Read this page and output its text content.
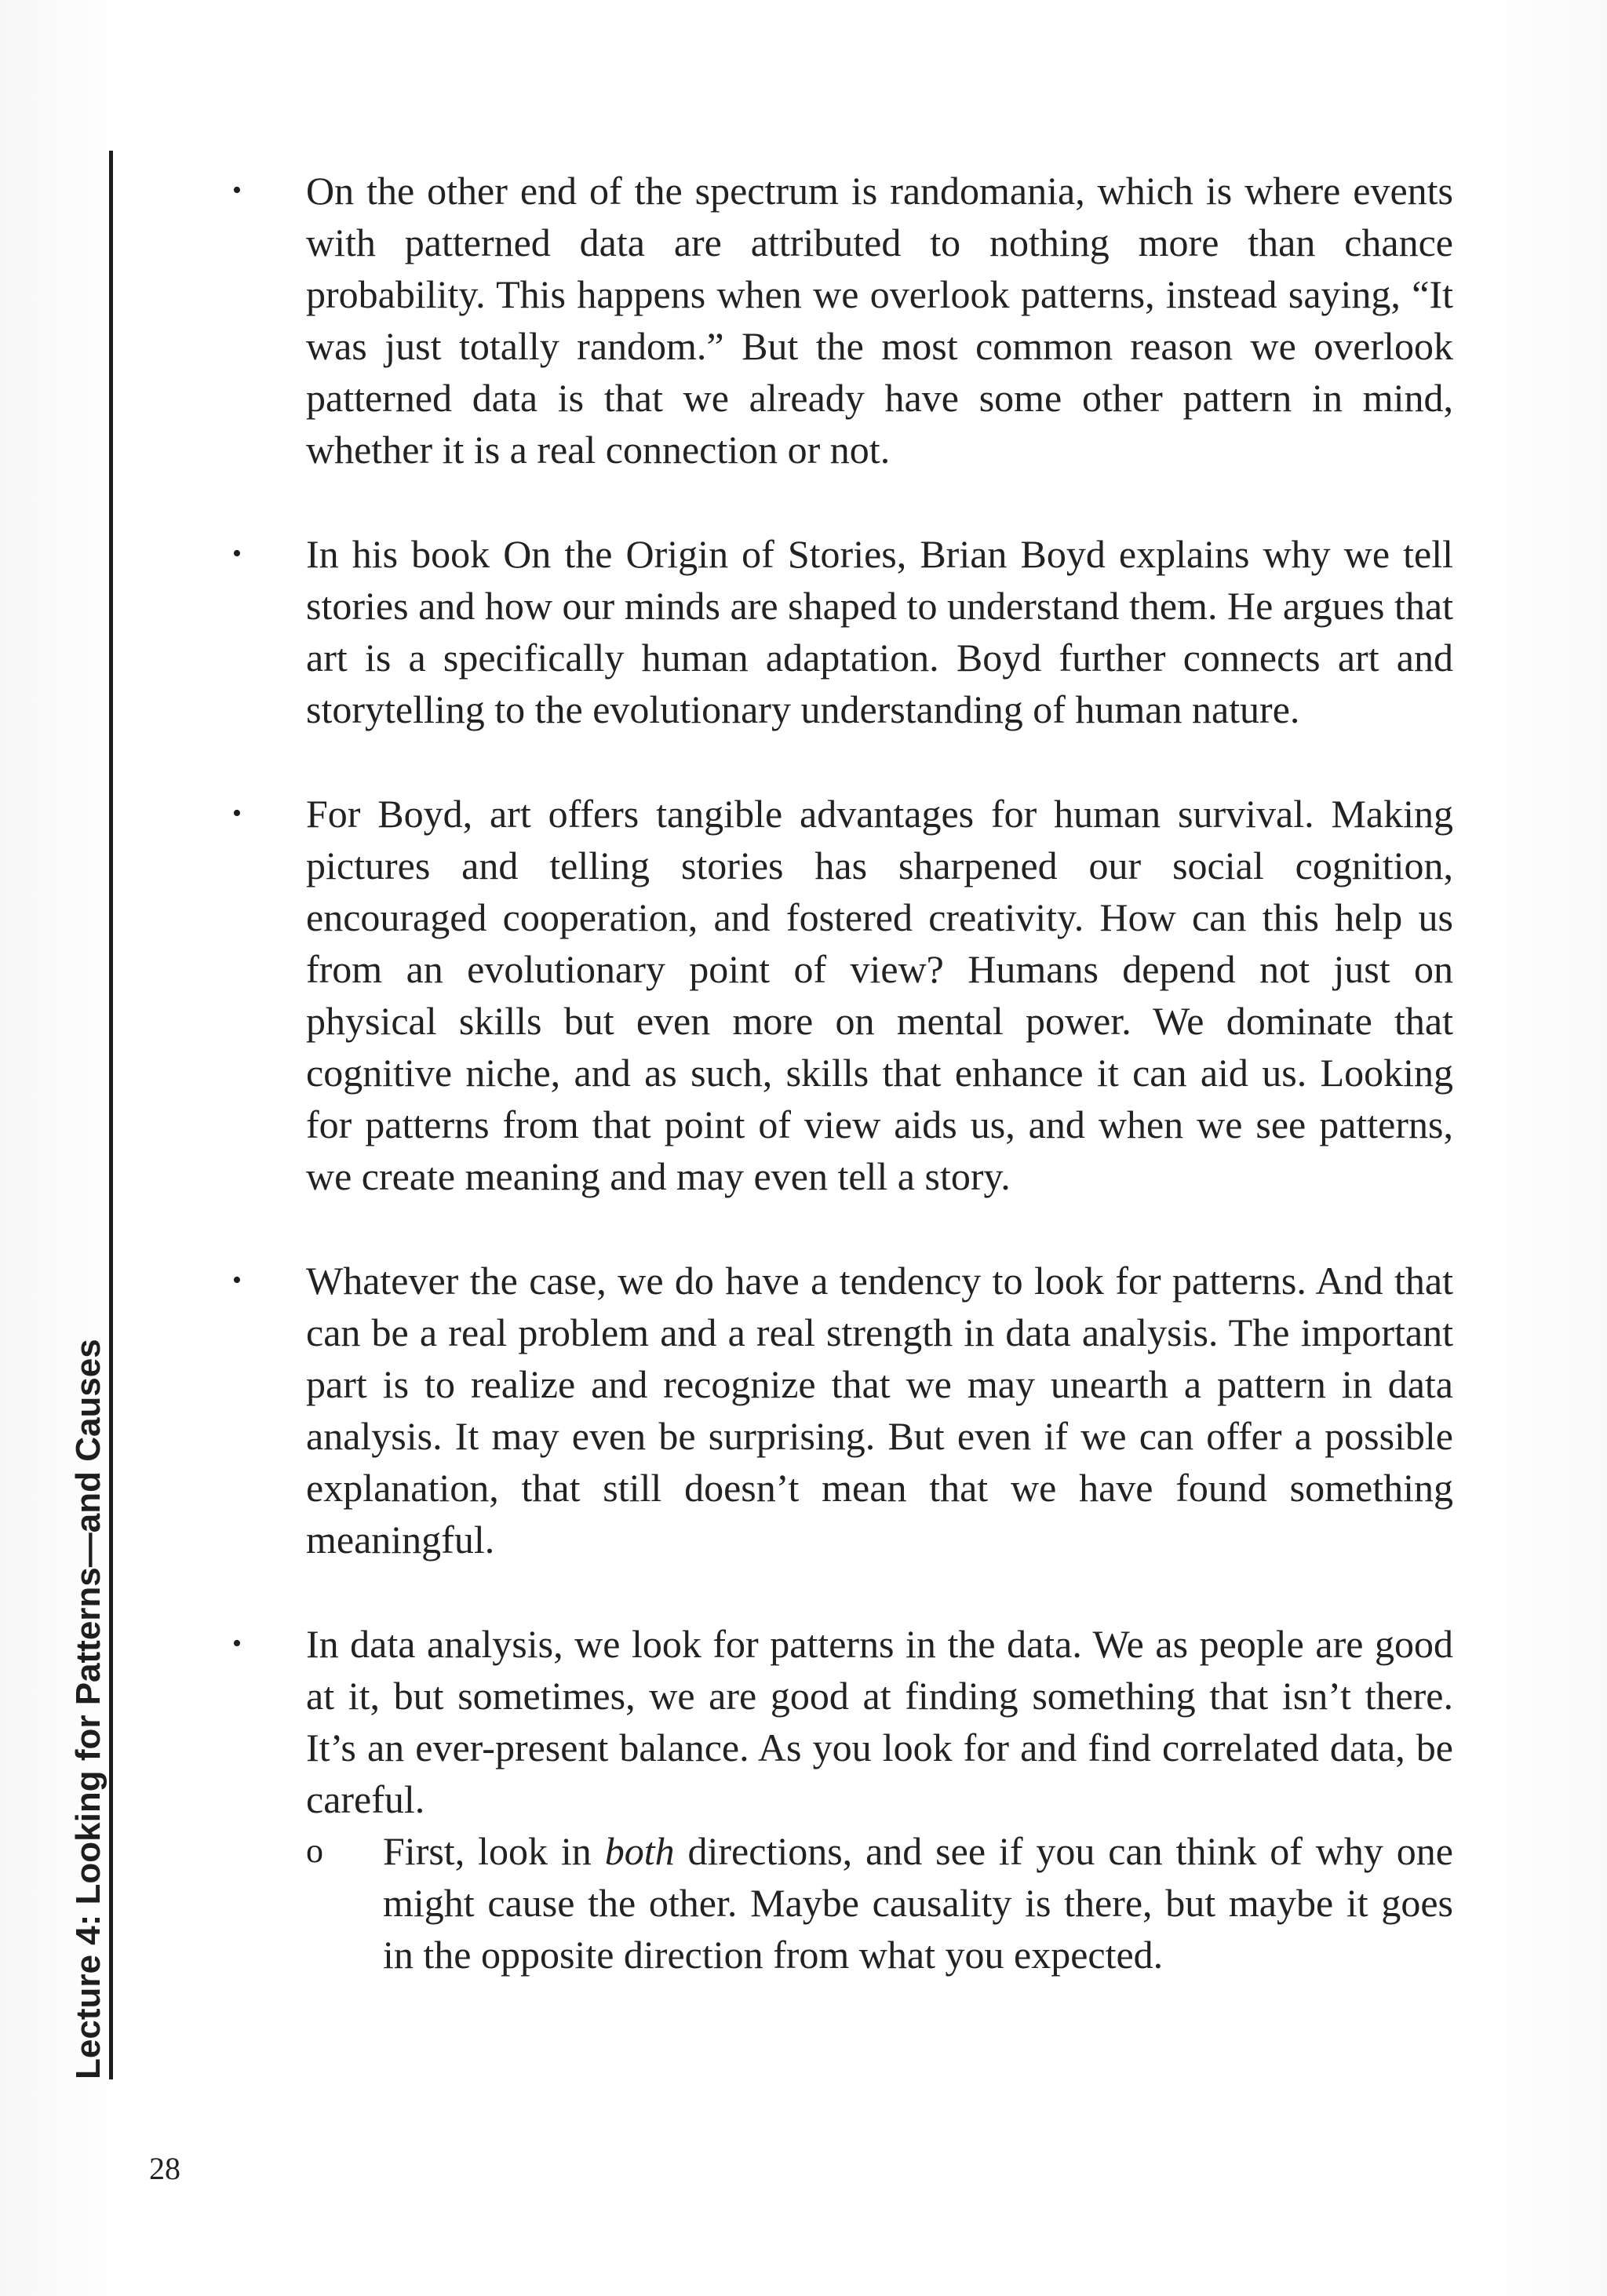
Lecture 4: Looking for Patterns—and Causes
• On the other end of the spectrum is randomania, which is where events with patterned data are attributed to nothing more than chance probability. This happens when we overlook patterns, instead saying, “It was just totally random.” But the most common reason we overlook patterned data is that we already have some other pattern in mind, whether it is a real connection or not.
• In his book On the Origin of Stories, Brian Boyd explains why we tell stories and how our minds are shaped to understand them. He argues that art is a specifically human adaptation. Boyd further connects art and storytelling to the evolutionary understanding of human nature.
• For Boyd, art offers tangible advantages for human survival. Making pictures and telling stories has sharpened our social cognition, encouraged cooperation, and fostered creativity. How can this help us from an evolutionary point of view? Humans depend not just on physical skills but even more on mental power. We dominate that cognitive niche, and as such, skills that enhance it can aid us. Looking for patterns from that point of view aids us, and when we see patterns, we create meaning and may even tell a story.
• Whatever the case, we do have a tendency to look for patterns. And that can be a real problem and a real strength in data analysis. The important part is to realize and recognize that we may unearth a pattern in data analysis. It may even be surprising. But even if we can offer a possible explanation, that still doesn’t mean that we have found something meaningful.
• In data analysis, we look for patterns in the data. We as people are good at it, but sometimes, we are good at finding something that isn’t there. It’s an ever-present balance. As you look for and find correlated data, be careful.
o First, look in both directions, and see if you can think of why one might cause the other. Maybe causality is there, but maybe it goes in the opposite direction from what you expected.
28
